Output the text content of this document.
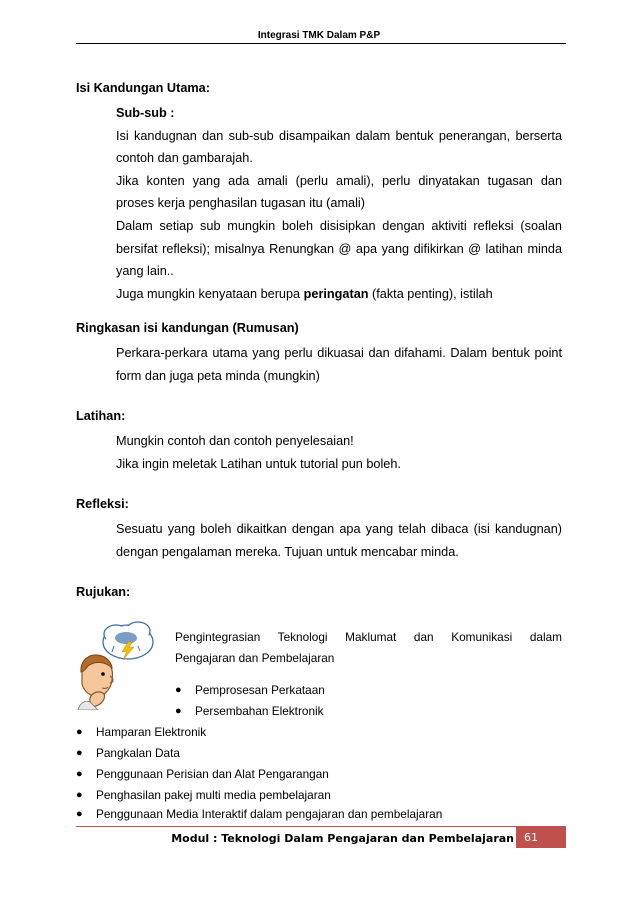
Integrasi TMK Dalam P&P

Isi Kandungan Utama:

Sub-sub :
Isi kandugnan dan sub-sub disampaikan dalam bentuk penerangan, berserta
contoh dan gambarajah.
Jika konten yang ada amali (perlu amali), perlu dinyatakan tugasan dan
proses kerja penghasilan tugasan itu (amali)
Dalam setiap sub mungkin boleh disisipkan dengan aktiviti refleksi (soalan
bersifat refleksi); misalnya Renungkan @ apa yang difikirkan @ latihan minda
yang lain..
Juga mungkin kenyataan berupa peringatan (fakta penting), istilah

Ringkasan isi kandungan (Rumusan)

Perkara-perkara utama yang perlu dikuasai dan difahami. Dalam bentuk point
form dan juga peta minda (mungkin)

Latihan:

Mungkin contoh dan contoh penyelesaian!
Jika ingin meletak Latihan untuk tutorial pun boleh.

Refleksi:

Sesuatu yang boleh dikaitkan dengan apa yang telah dibaca (isi kandugnan)
dengan pengalaman mereka. Tujuan untuk mencabar minda.

Rujukan:

Pengintegrasian Teknologi Maklumat dan Komunikasi dalam
Pengajaran dan Pembelajaran
● Pemprosesan Perkataan
● Persembahan Elektronik
● Hamparan Elektronik
● Pangkalan Data
● Penggunaan Perisian dan Alat Pengarangan
● Penghasilan pakej multi media pembelajaran
● Penggunaan Media Interaktif dalam pengajaran dan pembelajaran
Modul : Teknologi Dalam Pengajaran dan Pembelajaran 61
